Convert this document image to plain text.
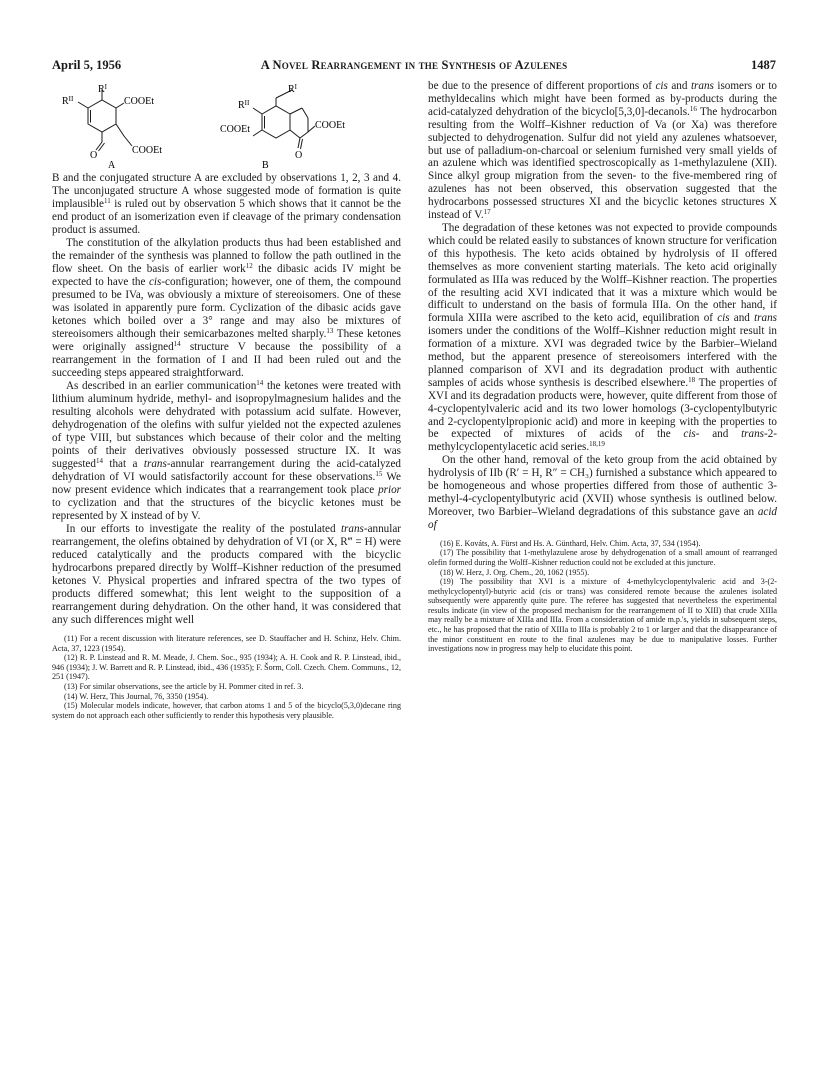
April 5, 1956	A Novel Rearrangement in the Synthesis of Azulenes	1487
$R^I$
$R^{II}$	COOEt
O	COOEt
A
$R^I$
$R^{II}$
COOEt	COOEt
O
B

B and the conjugated structure A are excluded by observations 1, 2, 3 and 4. The unconjugated structure A whose suggested mode of formation is quite implausible$^{11}$ is ruled out by observation 5 which shows that it cannot be the end product of an isomerization even if cleavage of the primary condensation product is assumed.

The constitution of the alkylation products thus had been established and the remainder of the synthesis was planned to follow the path outlined in the flow sheet. On the basis of earlier work$^{12}$ the dibasic acids IV might be expected to have the cis-configuration; however, one of them, the compound presumed to be IVa, was obviously a mixture of stereoisomers. One of these was isolated in apparently pure form. Cyclization of the dibasic acids gave ketones which boiled over a 3° range and may also be mixtures of stereoisomers although their semicarbazones melted sharply.$^{13}$ These ketones were originally assigned$^{14}$ structure V because the possibility of a rearrangement in the formation of I and II had been ruled out and the succeeding steps appeared straightforward.

As described in an earlier communication$^{14}$ the ketones were treated with lithium aluminum hydride, methyl- and isopropylmagnesium halides and the resulting alcohols were dehydrated with potassium acid sulfate. However, dehydrogenation of the olefins with sulfur yielded not the expected azulenes of type VIII, but substances which because of their color and the melting points of their derivatives obviously possessed structure IX. It was suggested$^{14}$ that a trans-annular rearrangement during the acid-catalyzed dehydration of VI would satisfactorily account for these observations.$^{15}$ We now present evidence which indicates that a rearrangement took place prior to cyclization and that the structures of the bicyclic ketones must be represented by X instead of by V.

In our efforts to investigate the reality of the postulated trans-annular rearrangement, the olefins obtained by dehydration of VI (or X, R‴ = H) were reduced catalytically and the products compared with the bicyclic hydrocarbons prepared directly by Wolff–Kishner reduction of the presumed ketones V. Physical properties and infrared spectra of the two types of products differed somewhat; this lent weight to the supposition of a rearrangement during dehydration. On the other hand, it was considered that any such differences might well

(11) For a recent discussion with literature references, see D. Stauffacher and H. Schinz, Helv. Chim. Acta, 37, 1223 (1954).
(12) R. P. Linstead and R. M. Meade, J. Chem. Soc., 935 (1934); A. H. Cook and R. P. Linstead, ibid., 946 (1934); J. W. Barrett and R. P. Linstead, ibid., 436 (1935); F. Šorm, Coll. Czech. Chem. Communs., 12, 251 (1947).
(13) For similar observations, see the article by H. Pommer cited in ref. 3.
(14) W. Herz, This Journal, 76, 3350 (1954).
(15) Molecular models indicate, however, that carbon atoms 1 and 5 of the bicyclo(5,3,0)decane ring system do not approach each other sufficiently to render this hypothesis very plausible.

be due to the presence of different proportions of cis and trans isomers or to methyldecalins which might have been formed as by-products during the acid-catalyzed dehydration of the bicyclo[5,3,0]-decanols.$^{16}$ The hydrocarbon resulting from the Wolff–Kishner reduction of Va (or Xa) was therefore subjected to dehydrogenation. Sulfur did not yield any azulenes whatsoever, but use of palladium-on-charcoal or selenium furnished very small yields of an azulene which was identified spectroscopically as 1-methylazulene (XII). Since alkyl group migration from the seven- to the five-membered ring of azulenes has not been observed, this observation suggested that the hydrocarbons possessed structures XI and the bicyclic ketones structures X instead of V.$^{17}$

The degradation of these ketones was not expected to provide compounds which could be related easily to substances of known structure for verification of this hypothesis. The keto acids obtained by hydrolysis of II offered themselves as more convenient starting materials. The keto acid originally formulated as IIIa was reduced by the Wolff–Kishner reaction. The properties of the resulting acid XVI indicated that it was a mixture which would be difficult to understand on the basis of formula IIIa. On the other hand, if formula XIIIa were ascribed to the keto acid, equilibration of cis and trans isomers under the conditions of the Wolff–Kishner reduction might result in formation of a mixture. XVI was degraded twice by the Barbier–Wieland method, but the apparent presence of stereoisomers interfered with the planned comparison of XVI and its degradation product with authentic samples of acids whose synthesis is described elsewhere.$^{18}$ The properties of XVI and its degradation products were, however, quite different from those of 4-cyclopentylvaleric acid and its two lower homologs (3-cyclopentylbutyric and 2-cyclopentylpropionic acid) and more in keeping with the properties to be expected of mixtures of acids of the cis- and trans-2-methylcyclopentylacetic acid series.$^{18,19}$

On the other hand, removal of the keto group from the acid obtained by hydrolysis of IIb (R′ = H, R″ = CH₃) furnished a substance which appeared to be homogeneous and whose properties differed from those of authentic 3-methyl-4-cyclopentylbutyric acid (XVII) whose synthesis is outlined below. Moreover, two Barbier–Wieland degradations of this substance gave an acid of

(16) E. Kováts, A. Fürst and Hs. A. Günthard, Helv. Chim. Acta, 37, 534 (1954).
(17) The possibility that 1-methylazulene arose by dehydrogenation of a small amount of rearranged olefin formed during the Wolff–Kishner reduction could not be excluded at this juncture.
(18) W. Herz, J. Org. Chem., 20, 1062 (1955).
(19) The possibility that XVI is a mixture of 4-methylcyclopentylvaleric acid and 3-(2-methylcyclopentyl)-butyric acid (cis or trans) was considered remote because the azulenes isolated subsequently were apparently quite pure. The referee has suggested that nevertheless the experimental results indicate (in view of the proposed mechanism for the rearrangement of II to XIII) that crude XIIIa may really be a mixture of XIIIa and IIIa. From a consideration of amide m.p.'s, yields in subsequent steps, etc., he has proposed that the ratio of XIIIa to IIIa is probably 2 to 1 or larger and that the disappearance of the minor constituent en route to the final azulenes may be due to manipulative losses. Further investigations now in progress may help to elucidate this point.
